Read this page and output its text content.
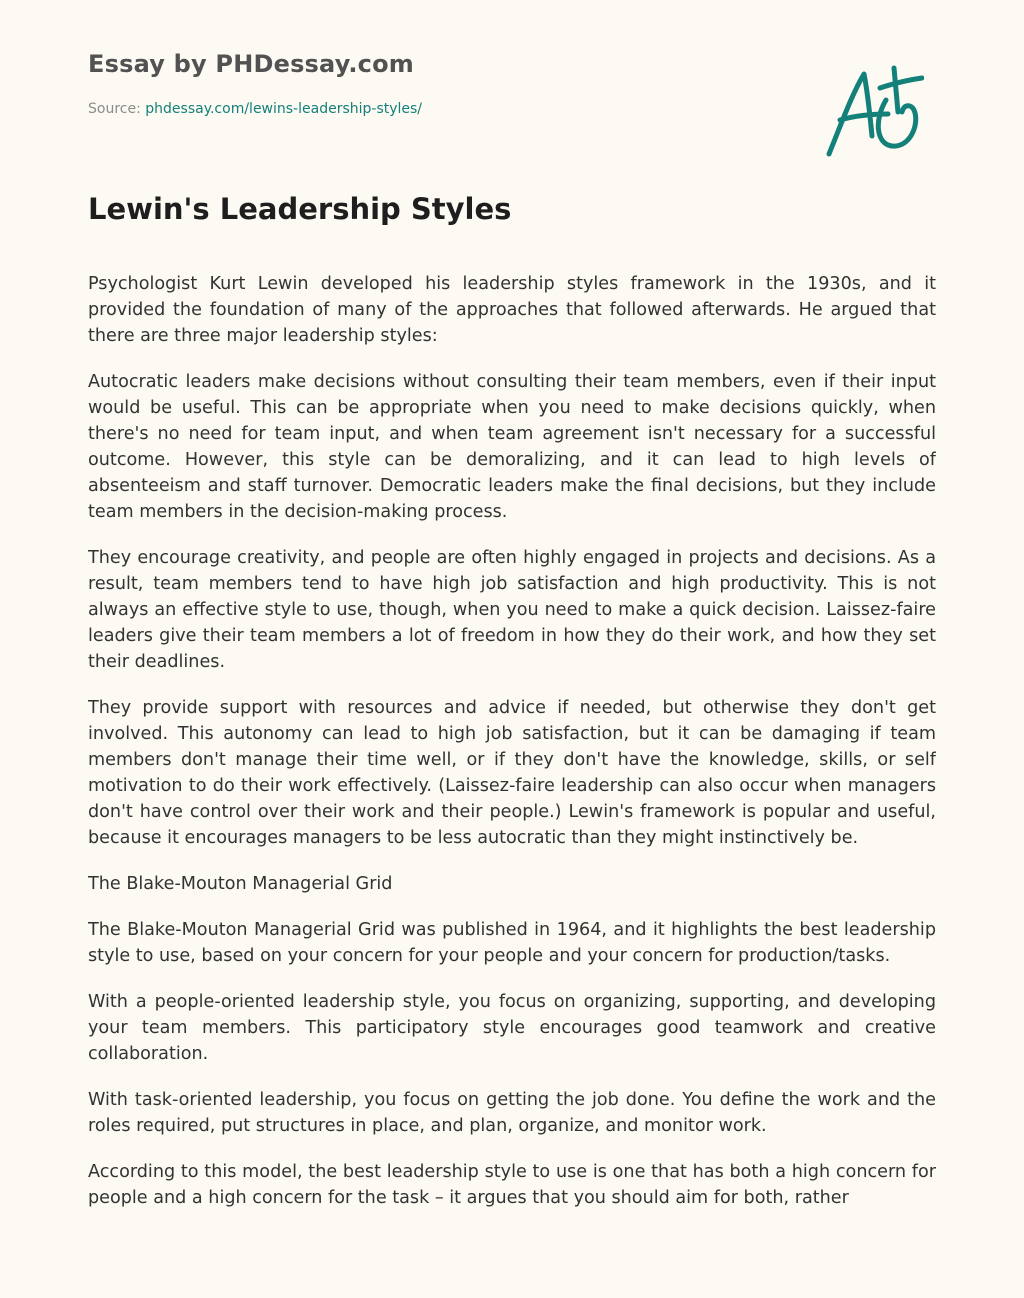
Essay by PHDessay.com
Source: phdessay.com/lewins-leadership-styles/
Lewin's Leadership Styles

Psychologist Kurt Lewin developed his leadership styles framework in the 1930s, and it provided the foundation of many of the approaches that followed afterwards. He argued that there are three major leadership styles:

Autocratic leaders make decisions without consulting their team members, even if their input would be useful. This can be appropriate when you need to make decisions quickly, when there's no need for team input, and when team agreement isn't necessary for a successful outcome. However, this style can be demoralizing, and it can lead to high levels of absenteeism and staff turnover. Democratic leaders make the final decisions, but they include team members in the decision-making process.

They encourage creativity, and people are often highly engaged in projects and decisions. As a result, team members tend to have high job satisfaction and high productivity. This is not always an effective style to use, though, when you need to make a quick decision. Laissez-faire leaders give their team members a lot of freedom in how they do their work, and how they set their deadlines.

They provide support with resources and advice if needed, but otherwise they don't get involved. This autonomy can lead to high job satisfaction, but it can be damaging if team members don't manage their time well, or if they don't have the knowledge, skills, or self motivation to do their work effectively. (Laissez-faire leadership can also occur when managers don't have control over their work and their people.) Lewin's framework is popular and useful, because it encourages managers to be less autocratic than they might instinctively be.

The Blake-Mouton Managerial Grid

The Blake-Mouton Managerial Grid was published in 1964, and it highlights the best leadership style to use, based on your concern for your people and your concern for production/tasks.

With a people-oriented leadership style, you focus on organizing, supporting, and developing your team members. This participatory style encourages good teamwork and creative collaboration.

With task-oriented leadership, you focus on getting the job done. You define the work and the roles required, put structures in place, and plan, organize, and monitor work.

According to this model, the best leadership style to use is one that has both a high concern for people and a high concern for the task – it argues that you should aim for both, rather
